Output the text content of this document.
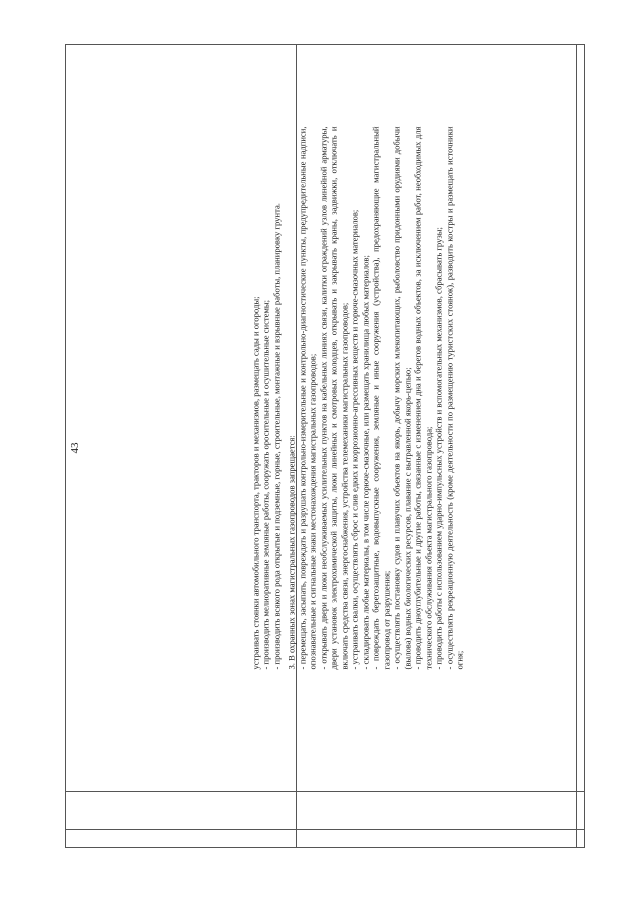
43	устраивать стоянки автомобильного транспорта, тракторов и механизмов, размещать сады и огороды; - производить мелиоративные земляные работы, сооружать оросительные и осушительные системы; - производить всякого рода открытые и подземные, горные, строительные, монтажные и взрывные работы, планировку грунта. 3. В охранных зонах магистральных газопроводов запрещается: - перемещать, засыпать, повреждать и разрушать контрольно-измерительные и контрольно-диагностические пункты, предупредительные надписи, опознавательные и сигнальные знаки местонахождения магистральных газопроводов; - открывать двери и люки необслуживаемых усилительных пунктов на кабельных линиях связи, калитки ограждений узлов линейной арматуры, двери установок электрохимической защиты, люки линейных и смотровых колодцев, открывать и закрывать краны, задвижки, отключать и включать средства связи, энергоснабжения, устройства телемеханики магистральных газопроводов; - устраивать свалки, осуществлять сброс и слив едких и коррозионно-агрессивных веществ и горюче-смазочных материалов; - складировать любые материалы, в том числе горюче-смазочные, или размещать хранилища любых материалов; - повреждать берегозащитные, водовыпускные сооружения, земляные и иные сооружения (устройства), предохраняющие магистральный газопровод от разрушения; - осуществлять постановку судов и плавучих объектов на якорь, добычу морских млекопитающих, рыболовство придонными орудиями добычи (вылова) водных биологических ресурсов, плавание с вытравленной якорь-цепью; - проводить дноуглубительные и другие работы, связанные с изменением дна и берегов водных объектов, за исключением работ, необходимых для технического обслуживания объекта магистрального газопровода; - проводить работы с использованием ударно-импульсных устройств и вспомогательных механизмов, сбрасывать грузы; - осуществлять рекреационную деятельность (кроме деятельности по размещению туристских стоянок), разводить костры и размещать источники огня;
